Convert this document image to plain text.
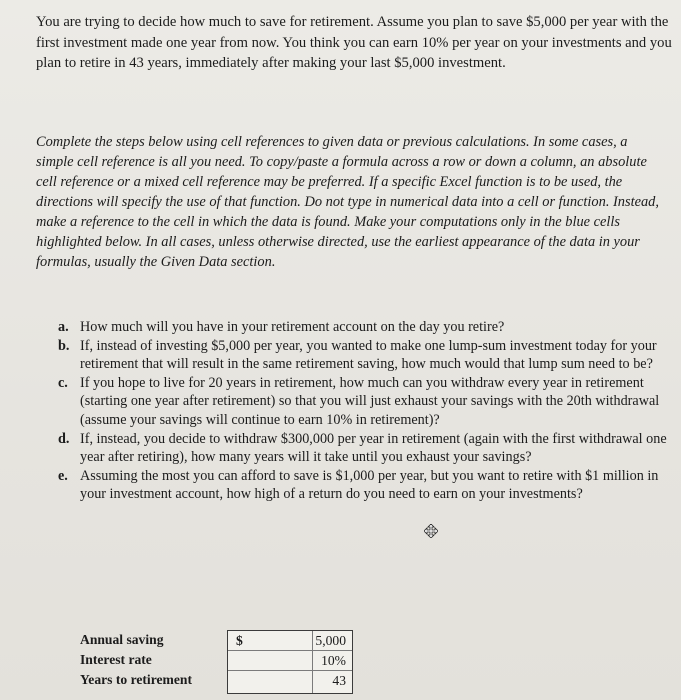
You are trying to decide how much to save for retirement. Assume you plan to save $5,000 per year with the first investment made one year from now. You think you can earn 10% per year on your investments and you plan to retire in 43 years, immediately after making your last $5,000 investment.

Complete the steps below using cell references to given data or previous calculations. In some cases, a simple cell reference is all you need. To copy/paste a formula across a row or down a column, an absolute cell reference or a mixed cell reference may be preferred. If a specific Excel function is to be used, the directions will specify the use of that function. Do not type in numerical data into a cell or function. Instead, make a reference to the cell in which the data is found. Make your computations only in the blue cells highlighted below. In all cases, unless otherwise directed, use the earliest appearance of the data in your formulas, usually the Given Data section.

a. How much will you have in your retirement account on the day you retire?
b. If, instead of investing $5,000 per year, you wanted to make one lump-sum investment today for your retirement that will result in the same retirement saving, how much would that lump sum need to be?
c. If you hope to live for 20 years in retirement, how much can you withdraw every year in retirement (starting one year after retirement) so that you will just exhaust your savings with the 20th withdrawal (assume your savings will continue to earn 10% in retirement)?
d. If, instead, you decide to withdraw $300,000 per year in retirement (again with the first withdrawal one year after retiring), how many years will it take until you exhaust your savings?
e. Assuming the most you can afford to save is $1,000 per year, but you want to retire with $1 million in your investment account, how high of a return do you need to earn on your investments?
Annual saving
Interest rate
Years to retirement
$	5,000
10%
43
